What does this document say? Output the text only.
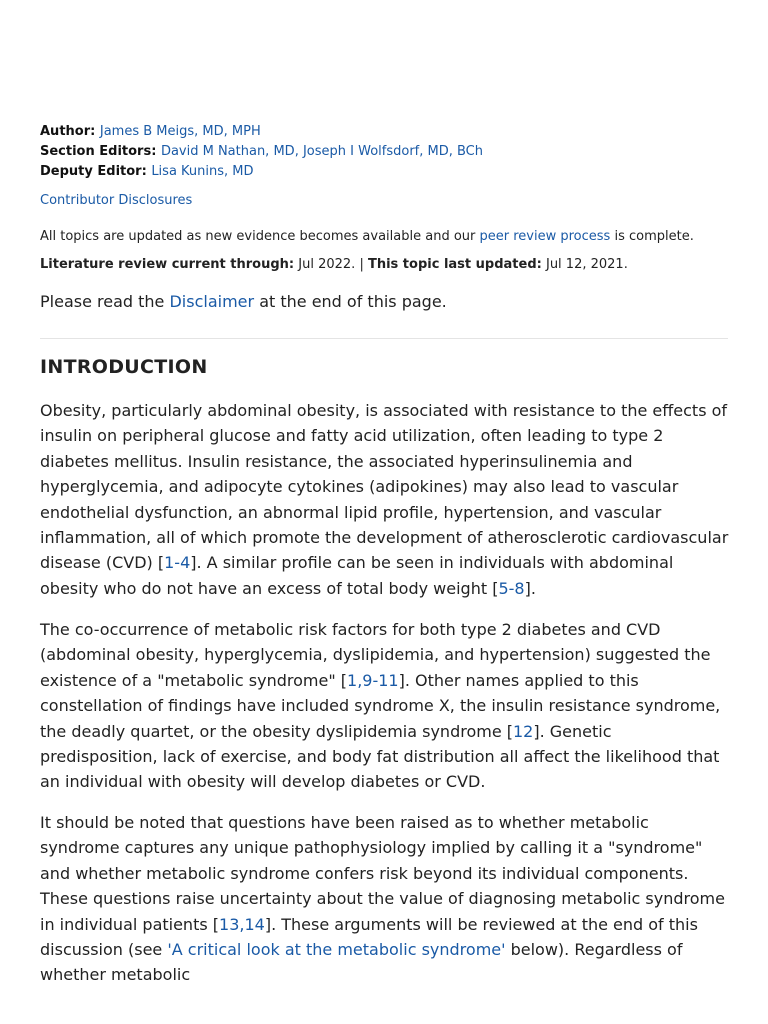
Author: James B Meigs, MD, MPH
Section Editors: David M Nathan, MD, Joseph I Wolfsdorf, MD, BCh
Deputy Editor: Lisa Kunins, MD
Contributor Disclosures
All topics are updated as new evidence becomes available and our peer review process is complete.
Literature review current through: Jul 2022. | This topic last updated: Jul 12, 2021.
Please read the Disclaimer at the end of this page.
INTRODUCTION

Obesity, particularly abdominal obesity, is associated with resistance to the effects of insulin on peripheral glucose and fatty acid utilization, often leading to type 2 diabetes mellitus. Insulin resistance, the associated hyperinsulinemia and hyperglycemia, and adipocyte cytokines (adipokines) may also lead to vascular endothelial dysfunction, an abnormal lipid profile, hypertension, and vascular inflammation, all of which promote the development of atherosclerotic cardiovascular disease (CVD) [1-4]. A similar profile can be seen in individuals with abdominal obesity who do not have an excess of total body weight [5-8].

The co-occurrence of metabolic risk factors for both type 2 diabetes and CVD (abdominal obesity, hyperglycemia, dyslipidemia, and hypertension) suggested the existence of a "metabolic syndrome" [1,9-11]. Other names applied to this constellation of findings have included syndrome X, the insulin resistance syndrome, the deadly quartet, or the obesity dyslipidemia syndrome [12]. Genetic predisposition, lack of exercise, and body fat distribution all affect the likelihood that an individual with obesity will develop diabetes or CVD.

It should be noted that questions have been raised as to whether metabolic syndrome captures any unique pathophysiology implied by calling it a "syndrome" and whether metabolic syndrome confers risk beyond its individual components. These questions raise uncertainty about the value of diagnosing metabolic syndrome in individual patients [13,14]. These arguments will be reviewed at the end of this discussion (see 'A critical look at the metabolic syndrome' below). Regardless of whether metabolic
